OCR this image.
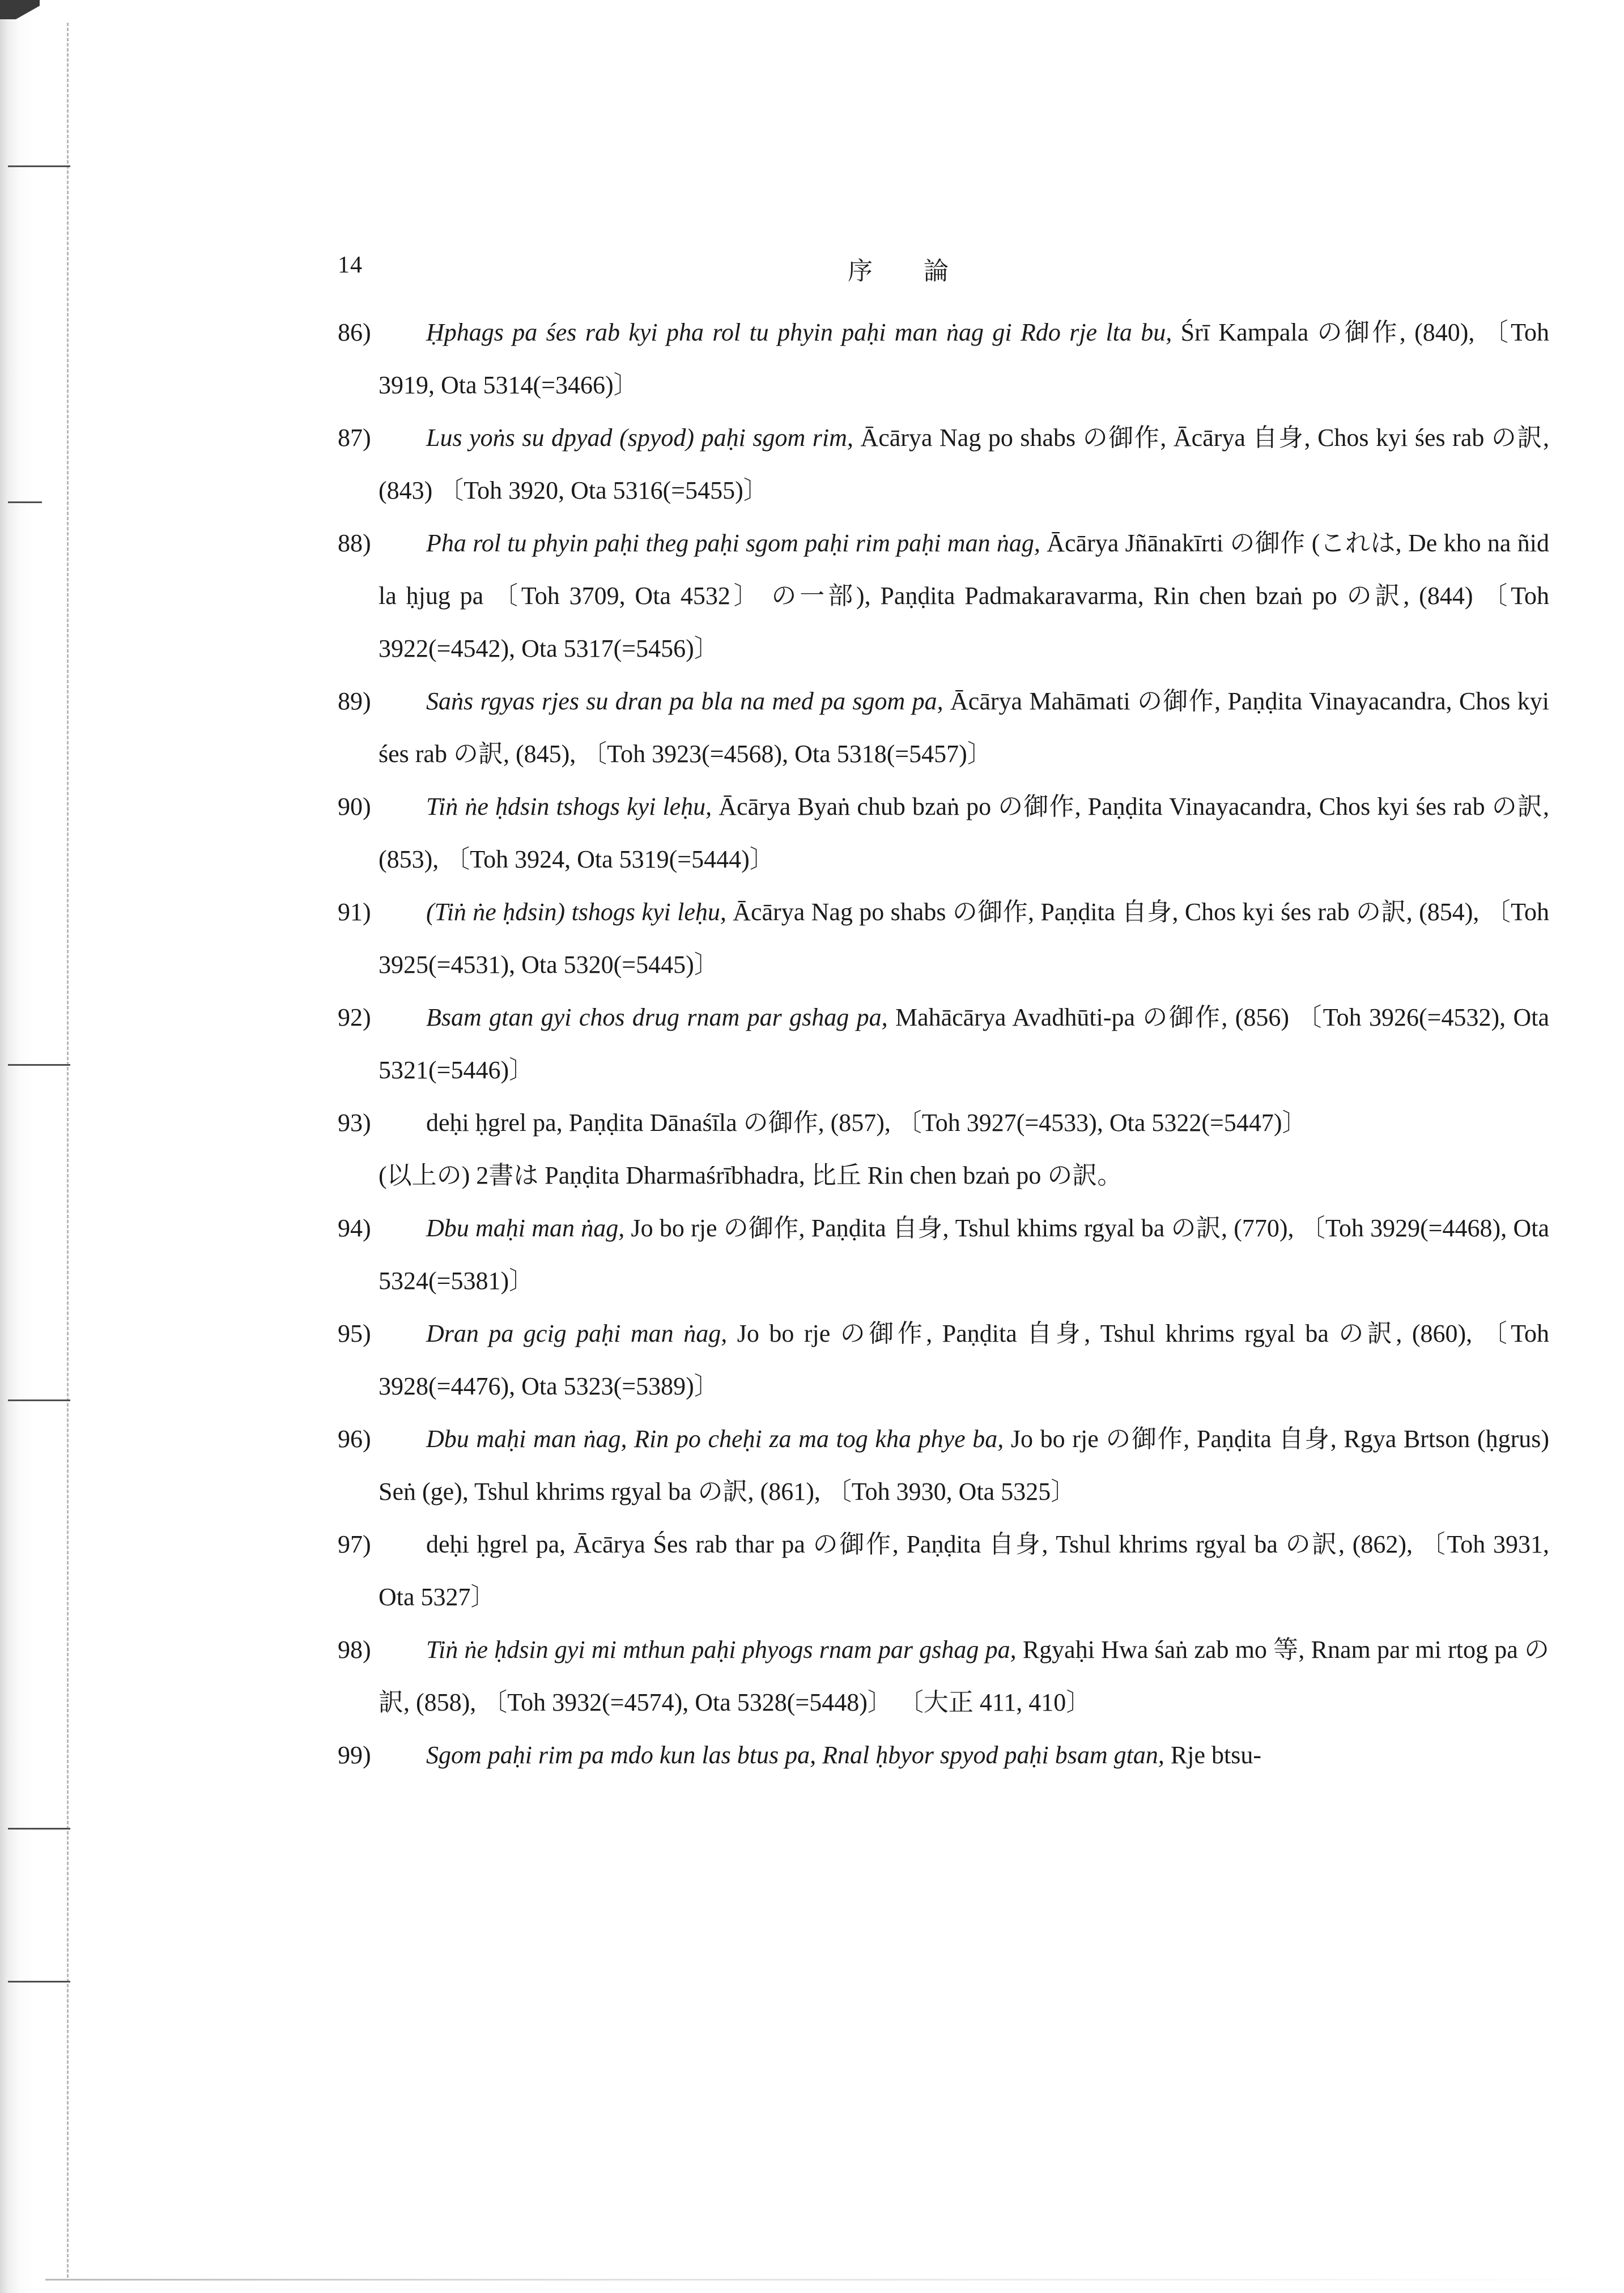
14	序論
86)	Ḥphags pa śes rab kyi pha rol tu phyin paḥi man ṅag gi Rdo rje lta bu, Śrī Kampala の御作, (840), 〔Toh 3919, Ota 5314(=3466)〕
87)	Lus yoṅs su dpyad (spyod) paḥi sgom rim, Ācārya Nag po shabs の御作, Ācārya 自身, Chos kyi śes rab の訳, (843) 〔Toh 3920, Ota 5316(=5455)〕
88)	Pha rol tu phyin paḥi theg paḥi sgom paḥi rim paḥi man ṅag, Ācārya Jñānakīrti の御作 (これは, De kho na ñid la ḥjug pa 〔Toh 3709, Ota 4532〕 の一部), Paṇḍita Padmakaravarma, Rin chen bzaṅ po の訳, (844) 〔Toh 3922(=4542), Ota 5317(=5456)〕
89)	Saṅs rgyas rjes su dran pa bla na med pa sgom pa, Ācārya Mahāmati の御作, Paṇḍita Vinayacandra, Chos kyi śes rab の訳, (845), 〔Toh 3923(=4568), Ota 5318(=5457)〕
90)	Tiṅ ṅe ḥdsin tshogs kyi leḥu, Ācārya Byaṅ chub bzaṅ po の御作, Paṇḍita Vinayacandra, Chos kyi śes rab の訳, (853), 〔Toh 3924, Ota 5319(=5444)〕
91)	(Tiṅ ṅe ḥdsin) tshogs kyi leḥu, Ācārya Nag po shabs の御作, Paṇḍita 自身, Chos kyi śes rab の訳, (854), 〔Toh 3925(=4531), Ota 5320(=5445)〕
92)	Bsam gtan gyi chos drug rnam par gshag pa, Mahācārya Avadhūti-pa の御作, (856) 〔Toh 3926(=4532), Ota 5321(=5446)〕
93)	deḥi ḥgrel pa, Paṇḍita Dānaśīla の御作, (857), 〔Toh 3927(=4533), Ota 5322(=5447)〕
(以上の) 2書は Paṇḍita Dharmaśrībhadra, 比丘 Rin chen bzaṅ po の訳。
94)	Dbu maḥi man ṅag, Jo bo rje の御作, Paṇḍita 自身, Tshul khims rgyal ba の訳, (770), 〔Toh 3929(=4468), Ota 5324(=5381)〕
95)	Dran pa gcig paḥi man ṅag, Jo bo rje の御作, Paṇḍita 自身, Tshul khrims rgyal ba の訳, (860), 〔Toh 3928(=4476), Ota 5323(=5389)〕
96)	Dbu maḥi man ṅag, Rin po cheḥi za ma tog kha phye ba, Jo bo rje の御作, Paṇḍita 自身, Rgya Brtson (ḥgrus) Seṅ (ge), Tshul khrims rgyal ba の訳, (861), 〔Toh 3930, Ota 5325〕
97)	deḥi ḥgrel pa, Ācārya Śes rab thar pa の御作, Paṇḍita 自身, Tshul khrims rgyal ba の訳, (862), 〔Toh 3931, Ota 5327〕
98)	Tiṅ ṅe ḥdsin gyi mi mthun paḥi phyogs rnam par gshag pa, Rgyaḥi Hwa śaṅ zab mo 等, Rnam par mi rtog pa の訳, (858), 〔Toh 3932(=4574), Ota 5328(=5448)〕 〔大正 411, 410〕
99)	Sgom paḥi rim pa mdo kun las btus pa, Rnal ḥbyor spyod paḥi bsam gtan, Rje btsu-
